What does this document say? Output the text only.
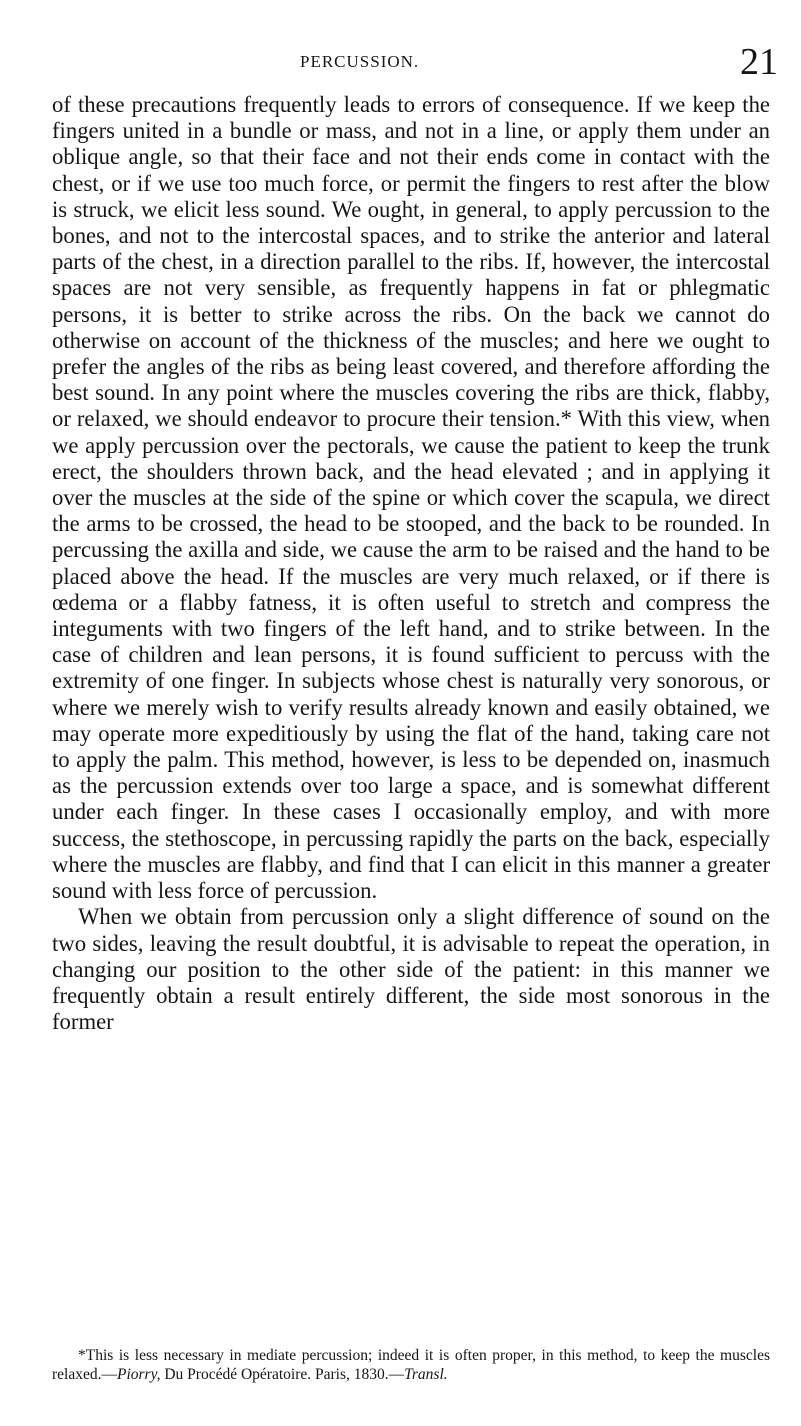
PERCUSSION.	21

of these precautions frequently leads to errors of consequence. If we keep the fingers united in a bundle or mass, and not in a line, or apply them under an oblique angle, so that their face and not their ends come in contact with the chest, or if we use too much force, or permit the fingers to rest after the blow is struck, we elicit less sound. We ought, in general, to apply percussion to the bones, and not to the intercostal spaces, and to strike the anterior and lateral parts of the chest, in a direction parallel to the ribs. If, however, the intercostal spaces are not very sensible, as frequently happens in fat or phlegmatic persons, it is better to strike across the ribs. On the back we cannot do otherwise on account of the thickness of the muscles; and here we ought to prefer the angles of the ribs as being least covered, and therefore affording the best sound. In any point where the muscles covering the ribs are thick, flabby, or relaxed, we should endeavor to procure their tension.* With this view, when we apply percussion over the pectorals, we cause the patient to keep the trunk erect, the shoulders thrown back, and the head elevated ; and in applying it over the muscles at the side of the spine or which cover the scapula, we direct the arms to be crossed, the head to be stooped, and the back to be rounded. In percussing the axilla and side, we cause the arm to be raised and the hand to be placed above the head. If the muscles are very much relaxed, or if there is œdema or a flabby fatness, it is often useful to stretch and compress the integuments with two fingers of the left hand, and to strike between. In the case of children and lean persons, it is found sufficient to percuss with the extremity of one finger. In subjects whose chest is naturally very sonorous, or where we merely wish to verify results already known and easily obtained, we may operate more expeditiously by using the flat of the hand, taking care not to apply the palm. This method, however, is less to be depended on, inasmuch as the percussion extends over too large a space, and is somewhat different under each finger. In these cases I occasionally employ, and with more success, the stethoscope, in percussing rapidly the parts on the back, especially where the muscles are flabby, and find that I can elicit in this manner a greater sound with less force of percussion.

When we obtain from percussion only a slight difference of sound on the two sides, leaving the result doubtful, it is advisable to repeat the operation, in changing our position to the other side of the patient: in this manner we frequently obtain a result entirely different, the side most sonorous in the former

*This is less necessary in mediate percussion; indeed it is often proper, in this method, to keep the muscles relaxed.—Piorry, Du Procédé Opératoire. Paris, 1830.—Transl.
